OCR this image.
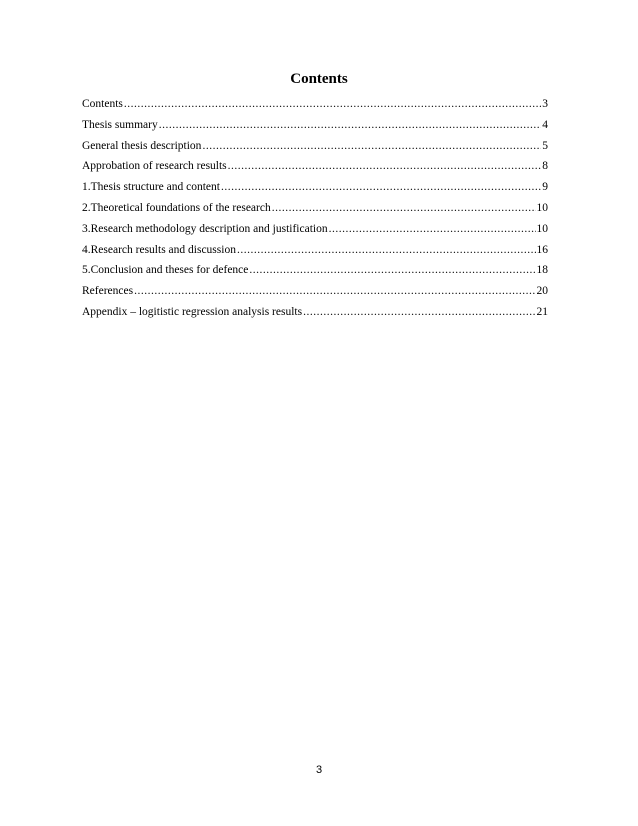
Contents
Contents .....	3
Thesis summary .....	4
General thesis description .....	5
Approbation of research results .....	8
1.Thesis structure and content .....	9
2.Theoretical foundations of the research .....	10
3.Research methodology description and justification .....	10
4.Research results and discussion .....	16
5.Conclusion and theses for defence .....	18
References .....	20
Appendix – logitistic regression analysis results .....	21
3
